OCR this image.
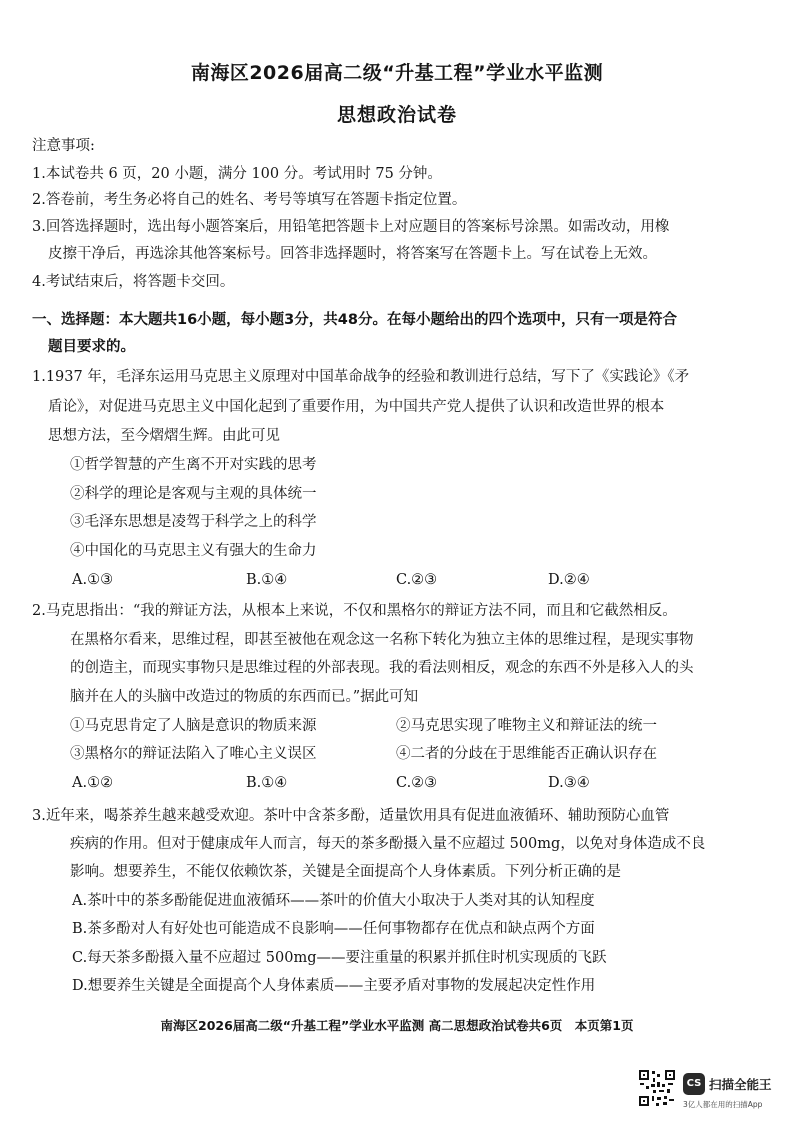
南海区2026届高二级“升基工程”学业水平监测
思想政治试卷
注意事项:
1.本试卷共 6 页，20 小题，满分 100 分。考试用时 75 分钟。
2.答卷前，考生务必将自己的姓名、考号等填写在答题卡指定位置。
3.回答选择题时，选出每小题答案后，用铅笔把答题卡上对应题目的答案标号涂黑。如需改动，用橡
皮擦干净后，再选涂其他答案标号。回答非选择题时，将答案写在答题卡上。写在试卷上无效。
4.考试结束后，将答题卡交回。
一、选择题：本大题共16小题，每小题3分，共48分。在每小题给出的四个选项中，只有一项是符合
题目要求的。
1.1937 年，毛泽东运用马克思主义原理对中国革命战争的经验和教训进行总结，写下了《实践论》《矛
盾论》，对促进马克思主义中国化起到了重要作用，为中国共产党人提供了认识和改造世界的根本
思想方法，至今熠熠生辉。由此可见
①哲学智慧的产生离不开对实践的思考
②科学的理论是客观与主观的具体统一
③毛泽东思想是凌驾于科学之上的科学
④中国化的马克思主义有强大的生命力
A.①③	B.①④	C.②③	D.②④
2.马克思指出：“我的辩证方法，从根本上来说，不仅和黑格尔的辩证方法不同，而且和它截然相反。
在黑格尔看来，思维过程，即甚至被他在观念这一名称下转化为独立主体的思维过程，是现实事物
的创造主，而现实事物只是思维过程的外部表现。我的看法则相反，观念的东西不外是移入人的头
脑并在人的头脑中改造过的物质的东西而已。”据此可知
①马克思肯定了人脑是意识的物质来源	②马克思实现了唯物主义和辩证法的统一
③黑格尔的辩证法陷入了唯心主义误区	④二者的分歧在于思维能否正确认识存在
A.①②	B.①④	C.②③	D.③④
3.近年来，喝茶养生越来越受欢迎。茶叶中含茶多酚，适量饮用具有促进血液循环、辅助预防心血管
疾病的作用。但对于健康成年人而言，每天的茶多酚摄入量不应超过 500mg，以免对身体造成不良
影响。想要养生，不能仅依赖饮茶，关键是全面提高个人身体素质。下列分析正确的是
A.茶叶中的茶多酚能促进血液循环——茶叶的价值大小取决于人类对其的认知程度
B.茶多酚对人有好处也可能造成不良影响——任何事物都存在优点和缺点两个方面
C.每天茶多酚摄入量不应超过 500mg——要注重量的积累并抓住时机实现质的飞跃
D.想要养生关键是全面提高个人身体素质——主要矛盾对事物的发展起决定性作用
南海区2026届高二级“升基工程”学业水平监测 高二思想政治试卷共6页　本页第1页
CS 扫描全能王
3亿人都在用的扫描App
